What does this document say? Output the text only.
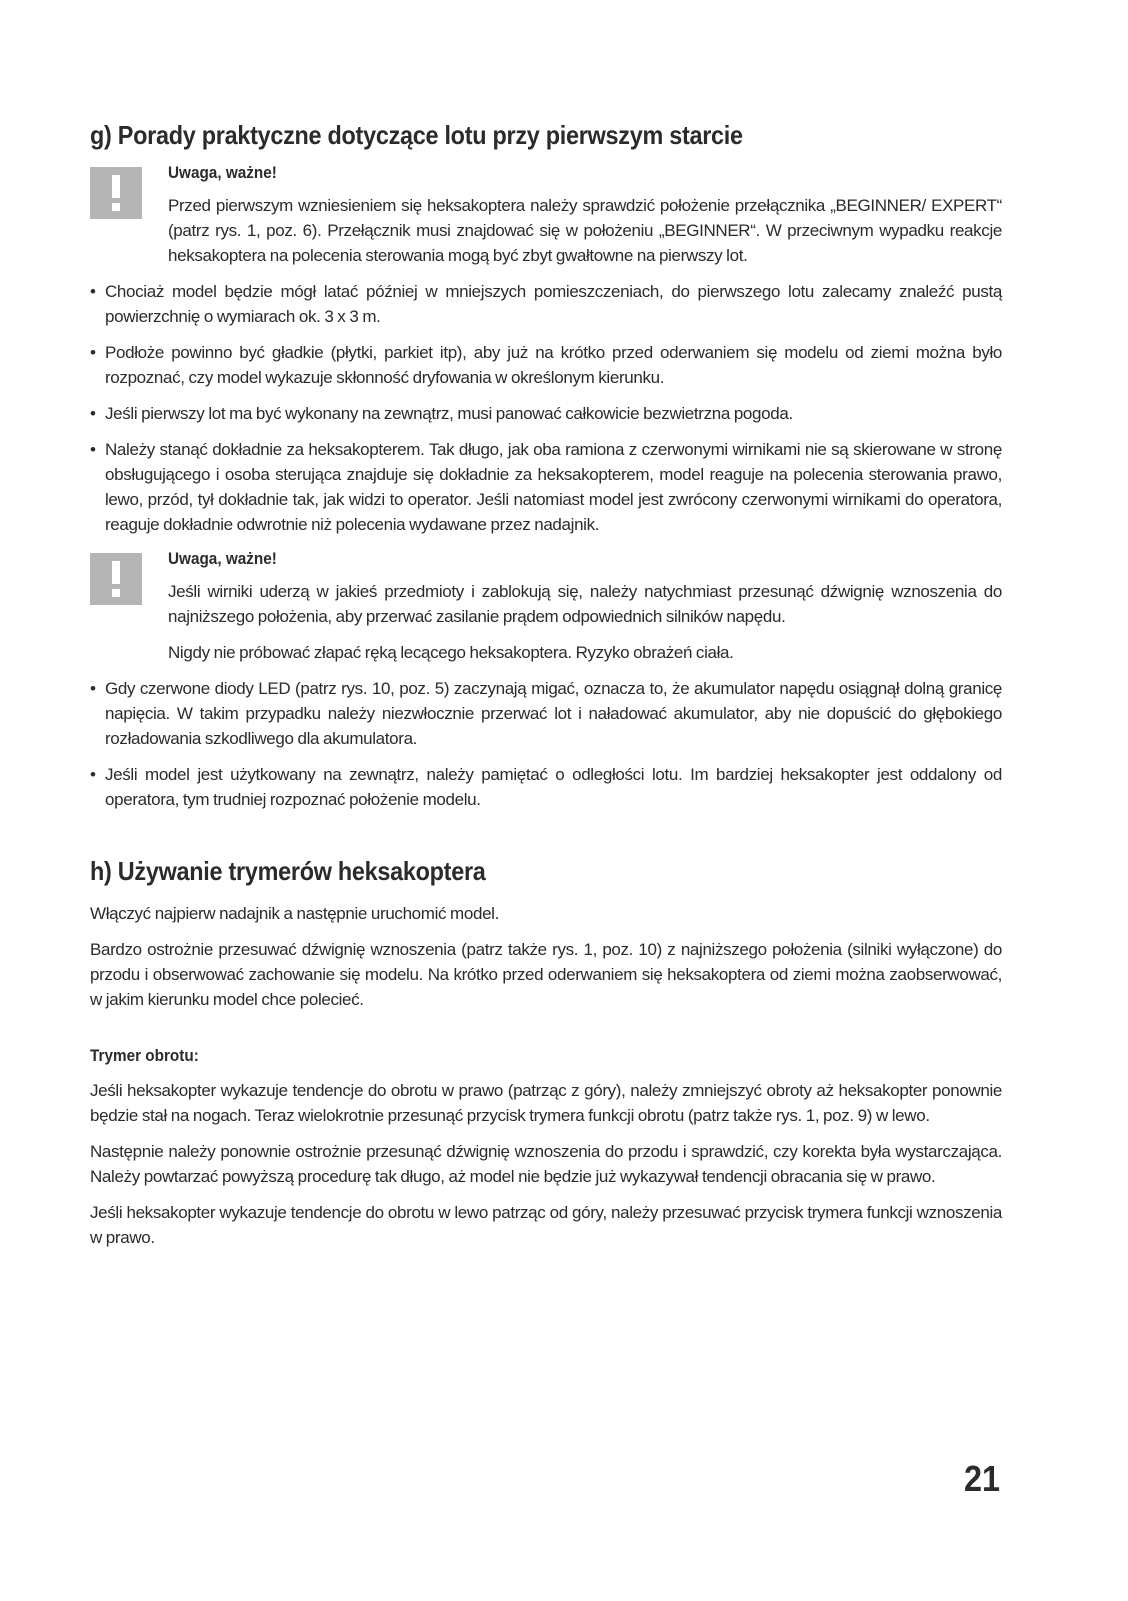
g) Porady praktyczne dotyczące lotu przy pierwszym starcie
Uwaga, ważne!

Przed pierwszym wzniesieniem się heksakoptera należy sprawdzić położenie przełącznika „BEGINNER/ EXPERT“ (patrz rys. 1, poz. 6). Przełącznik musi znajdować się w położeniu „BEGINNER“. W przeciwnym wypadku reakcje heksakoptera na polecenia sterowania mogą być zbyt gwałtowne na pierwszy lot.

• Chociaż model będzie mógł latać później w mniejszych pomieszczeniach, do pierwszego lotu zalecamy znaleźć pustą powierzchnię o wymiarach ok. 3 x 3 m.
• Podłoże powinno być gładkie (płytki, parkiet itp), aby już na krótko przed oderwaniem się modelu od ziemi można było rozpoznać, czy model wykazuje skłonność dryfowania w określonym kierunku.
• Jeśli pierwszy lot ma być wykonany na zewnątrz, musi panować całkowicie bezwietrzna pogoda.
• Należy stanąć dokładnie za heksakopterem. Tak długo, jak oba ramiona z czerwonymi wirnikami nie są skierowane w stronę obsługującego i osoba sterująca znajduje się dokładnie za heksakopterem, model reaguje na polecenia sterowania prawo, lewo, przód, tył dokładnie tak, jak widzi to operator. Jeśli natomiast model jest zwrócony czerwonymi wirnikami do operatora, reaguje dokładnie odwrotnie niż polecenia wydawane przez nadajnik.
Uwaga, ważne!

Jeśli wirniki uderzą w jakieś przedmioty i zablokują się, należy natychmiast przesunąć dźwignię wznoszenia do najniższego położenia, aby przerwać zasilanie prądem odpowiednich silników napędu.

Nigdy nie próbować złapać ręką lecącego heksakoptera. Ryzyko obrażeń ciała.

• Gdy czerwone diody LED (patrz rys. 10, poz. 5) zaczynają migać, oznacza to, że akumulator napędu osiągnął dolną granicę napięcia. W takim przypadku należy niezwłocznie przerwać lot i naładować akumulator, aby nie dopuścić do głębokiego rozładowania szkodliwego dla akumulatora.
• Jeśli model jest użytkowany na zewnątrz, należy pamiętać o odległości lotu. Im bardziej heksakopter jest oddalony od operatora, tym trudniej rozpoznać położenie modelu.
h) Używanie trymerów heksakoptera

Włączyć najpierw nadajnik a następnie uruchomić model.

Bardzo ostrożnie przesuwać dźwignię wznoszenia (patrz także rys. 1, poz. 10) z najniższego położenia (silniki wyłączone) do przodu i obserwować zachowanie się modelu. Na krótko przed oderwaniem się heksakoptera od ziemi można zaobserwować, w jakim kierunku model chce polecieć.

Trymer obrotu:

Jeśli heksakopter wykazuje tendencje do obrotu w prawo (patrząc z góry), należy zmniejszyć obroty aż heksakopter ponownie będzie stał na nogach. Teraz wielokrotnie przesunąć przycisk trymera funkcji obrotu (patrz także rys. 1, poz. 9) w lewo.

Następnie należy ponownie ostrożnie przesunąć dźwignię wznoszenia do przodu i sprawdzić, czy korekta była wystarczająca. Należy powtarzać powyższą procedurę tak długo, aż model nie będzie już wykazywał tendencji obracania się w prawo.

Jeśli heksakopter wykazuje tendencje do obrotu w lewo patrząc od góry, należy przesuwać przycisk trymera funkcji wznoszenia w prawo.

21
